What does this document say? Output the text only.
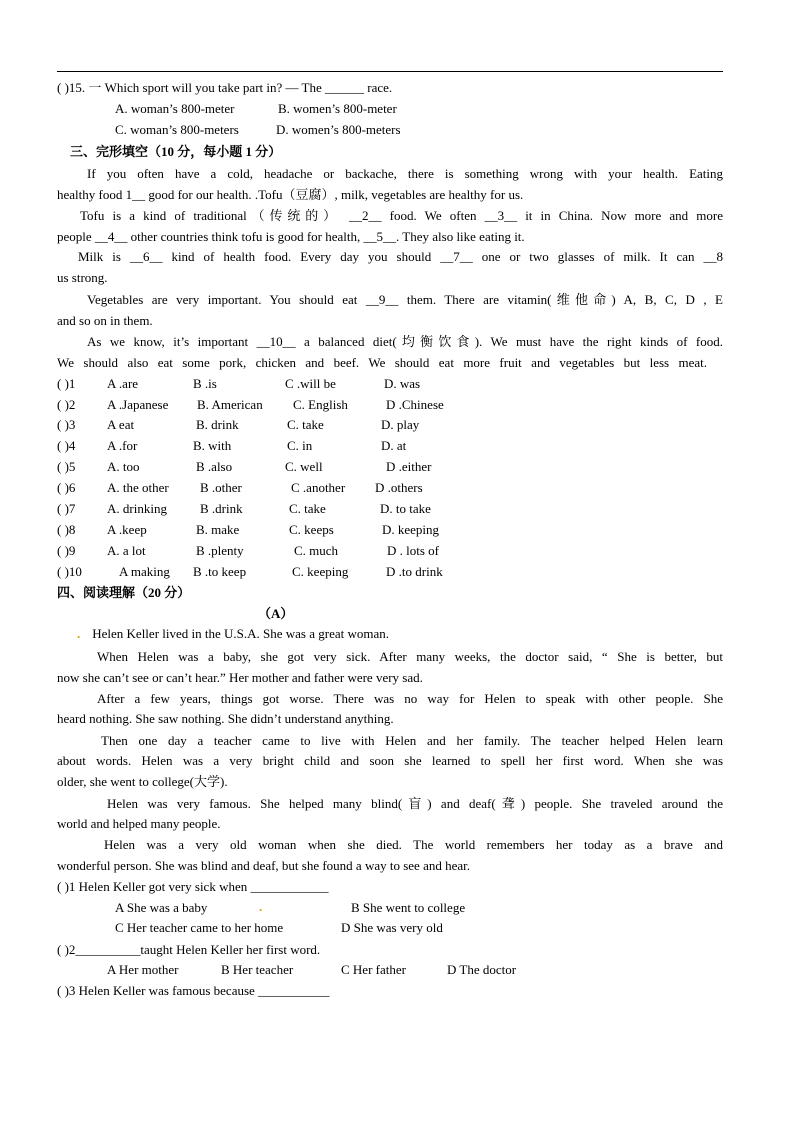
( )15. 一 Which sport will you take part in? — The ______ race.
A. woman’s 800-meter	B. women’s 800-meter
C. woman’s 800-meters	D. women’s 800-meters
三、完形填空（10 分，每小题 1 分）
If you often have a cold, headache or backache, there is something wrong with your health. Eating
healthy food 1__ good for our health. .Tofu（豆腐）, milk, vegetables are healthy for us.
Tofu is a kind of traditional（传统的） __2__ food. We often __3__ it in China. Now more and more
people __4__ other countries think tofu is good for health, __5__. They also like eating it.
Milk is __6__ kind of health food. Every day you should __7__ one or two glasses of milk. It can __8
us strong.
Vegetables are very important. You should eat __9__ them. There are vitamin(维他命) A, B, C, D , E
and so on in them.
As we know, it’s important __10__ a balanced diet(均衡饮食). We must have the right kinds of food.
We should also eat some pork, chicken and beef. We should eat more fruit and vegetables but less meat.
( )1 A .are	B .is	C .will be	D. was
( )2 A .Japanese B. American C. English	D .Chinese
( )3 A eat	B. drink	C. take	D. play
( )4 A .for	B. with	C. in	D. at
( )5 A. too	B .also	C. well	D .either
( )6 A. the other B .other	C .another D .others
( )7 A. drinking	B .drink	C. take	D. to take
( )8 A .keep	B. make	C. keeps	D. keeping
( )9 A. a lot	B .plenty	C. much	D . lots of
( )10	A making B .to keep	C. keeping	D .to drink
四、阅读理解（20 分）
（A）
. Helen Keller lived in the U.S.A. She was a great woman.
When Helen was a baby, she got very sick. After many weeks, the doctor said, “ She is better, but
now she can’t see or can’t hear.” Her mother and father were very sad.
After a few years, things got worse. There was no way for Helen to speak with other people. She
heard nothing. She saw nothing. She didn’t understand anything.
Then one day a teacher came to live with Helen and her family. The teacher helped Helen learn
about words. Helen was a very bright child and soon she learned to spell her first word. When she was
older, she went to college(大学).
Helen was very famous. She helped many blind(盲) and deaf(聋) people. She traveled around the
world and helped many people.
Helen was a very old woman when she died. The world remembers her today as a brave and
wonderful person. She was blind and deaf, but she found a way to see and hear.
( )1 Helen Keller got very sick when ____________
A She was a baby	.	B She went to college
C Her teacher came to her home	D She was very old
( )2__________taught Helen Keller her first word.
A Her mother	B Her teacher	C Her father	D The doctor
( )3 Helen Keller was famous because ___________
